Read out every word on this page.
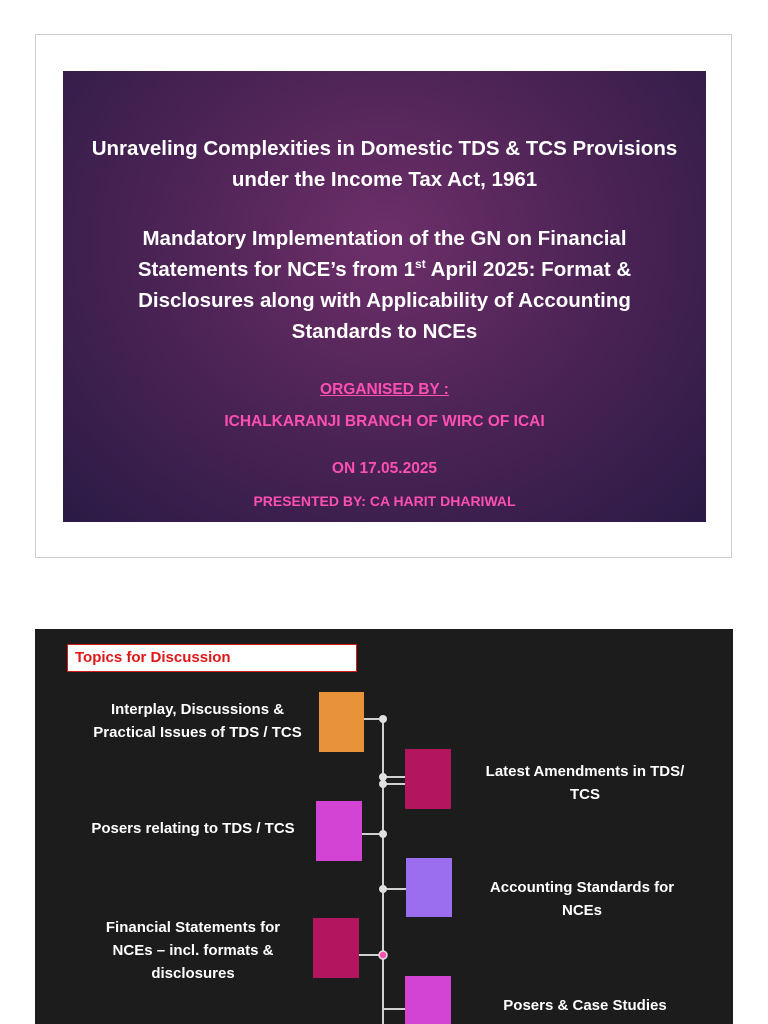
Unraveling Complexities in Domestic TDS & TCS Provisions
under the Income Tax Act, 1961
Mandatory Implementation of the GN on Financial
Statements for NCE’s from 1st April 2025: Format &
Disclosures along with Applicability of Accounting
Standards to NCEs
ORGANISED BY :
ICHALKARANJI BRANCH OF WIRC OF ICAI
ON 17.05.2025
PRESENTED BY: CA HARIT DHARIWAL
Topics for Discussion
Interplay, Discussions &
Practical Issues of TDS / TCS
Latest Amendments in TDS/
TCS
Posers relating to TDS / TCS
Accounting Standards for
NCEs
Financial Statements for
NCEs – incl. formats &
disclosures
Posers & Case Studies
